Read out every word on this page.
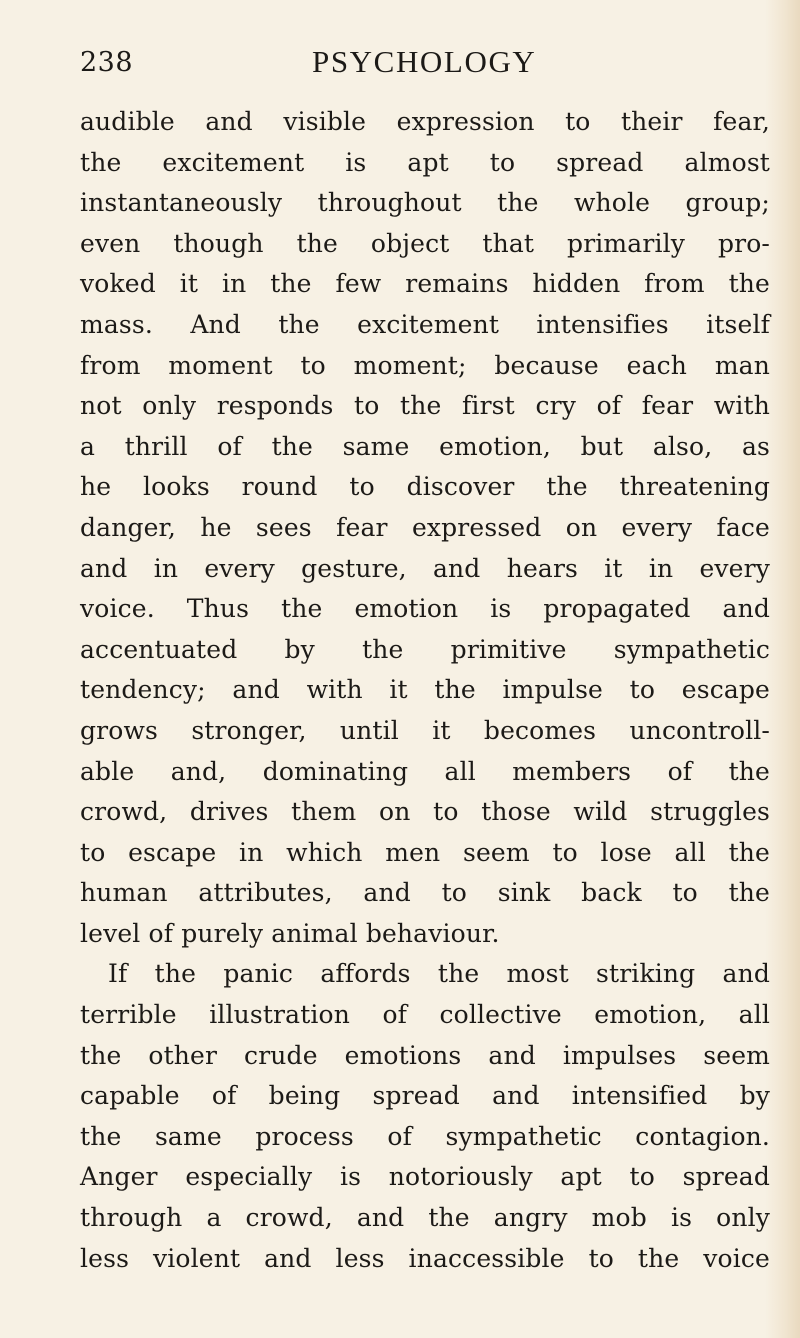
238	PSYCHOLOGY
audible and visible expression to their fear,
the excitement is apt to spread almost
instantaneously throughout the whole group;
even though the object that primarily pro-
voked it in the few remains hidden from the
mass. And the excitement intensifies itself
from moment to moment; because each man
not only responds to the first cry of fear with
a thrill of the same emotion, but also, as
he looks round to discover the threatening
danger, he sees fear expressed on every face
and in every gesture, and hears it in every
voice. Thus the emotion is propagated and
accentuated by the primitive sympathetic
tendency; and with it the impulse to escape
grows stronger, until it becomes uncontroll-
able and, dominating all members of the
crowd, drives them on to those wild struggles
to escape in which men seem to lose all the
human attributes, and to sink back to the
level of purely animal behaviour.
If the panic affords the most striking and
terrible illustration of collective emotion, all
the other crude emotions and impulses seem
capable of being spread and intensified by
the same process of sympathetic contagion.
Anger especially is notoriously apt to spread
through a crowd, and the angry mob is only
less violent and less inaccessible to the voice
